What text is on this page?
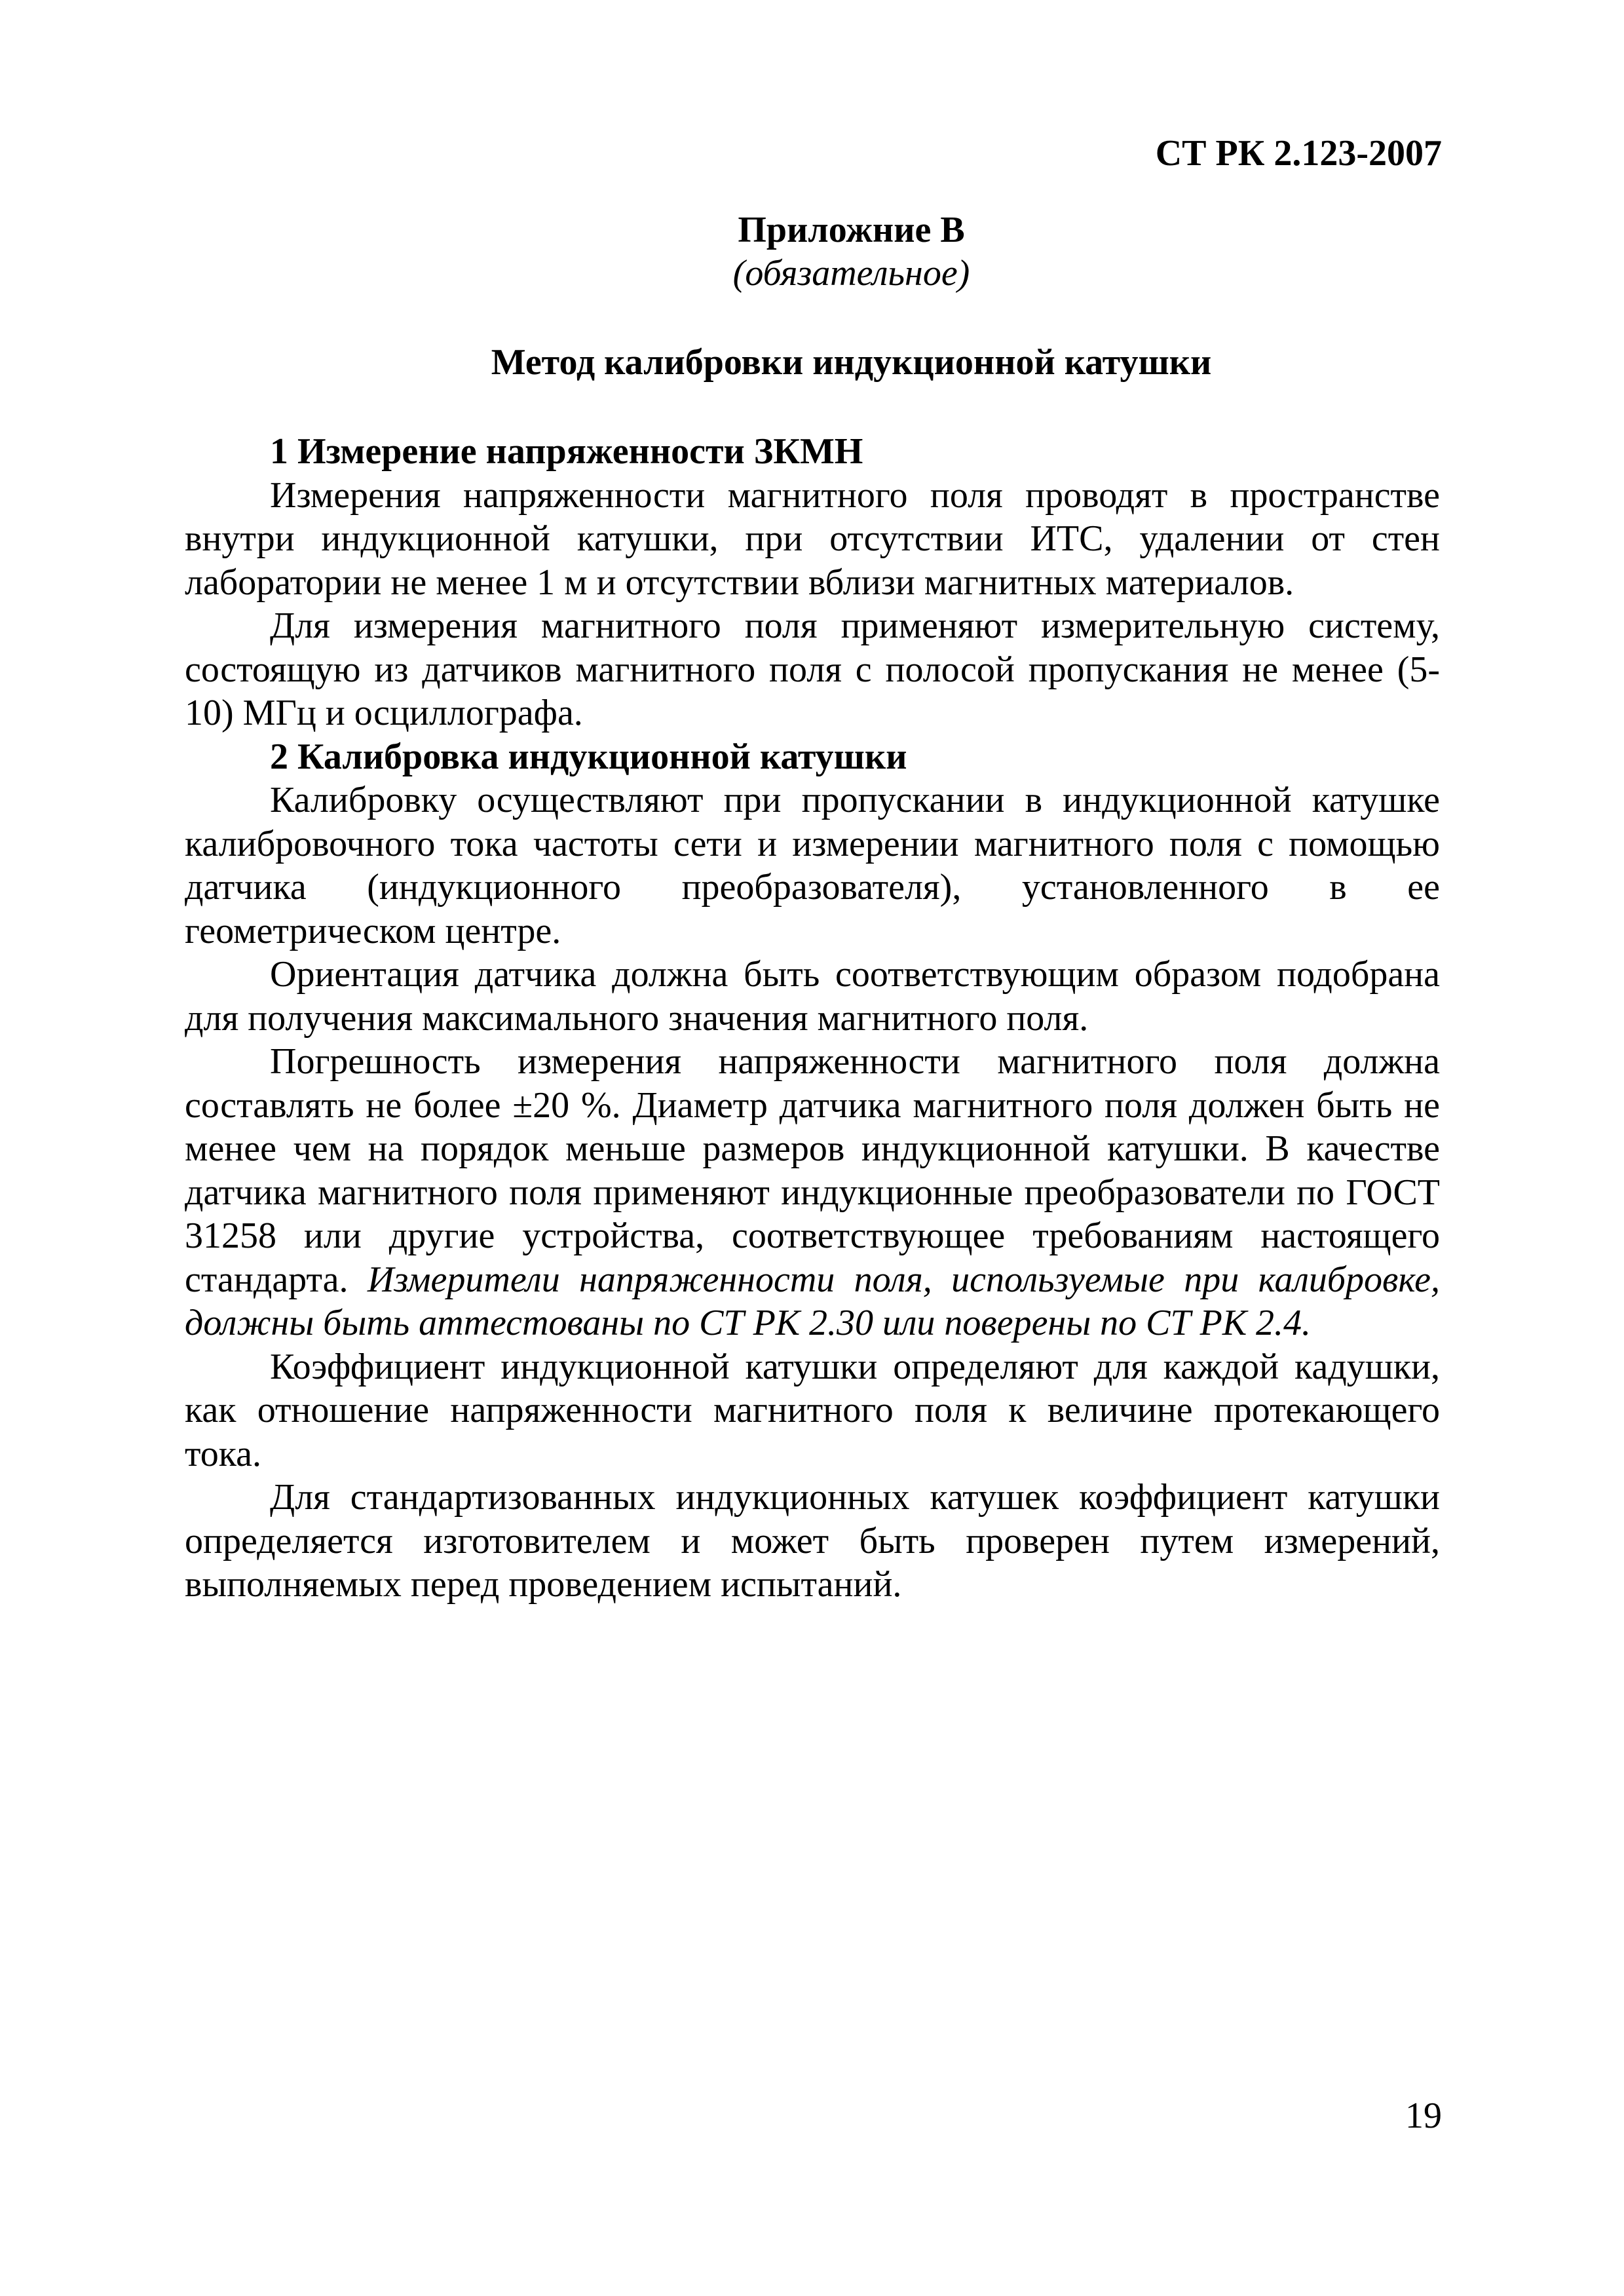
СТ РК 2.123-2007
Приложние В
(обязательное)
Метод калибровки индукционной катушки
1 Измерение напряженности ЗКМН

Измерения напряженности магнитного поля проводят в пространстве внутри индукционной катушки, при отсутствии ИТС, удалении от стен лаборатории не менее 1 м и отсутствии вблизи магнитных материалов.

Для измерения магнитного поля применяют измерительную систему, состоящую из датчиков магнитного поля с полосой пропускания не менее (5-10) МГц и осциллографа.

2 Калибровка индукционной катушки

Калибровку осуществляют при пропускании в индукционной катушке калибровочного тока частоты сети и измерении магнитного поля с помощью датчика (индукционного преобразователя), установленного в ее геометрическом центре.

Ориентация датчика должна быть соответствующим образом подобрана для получения максимального значения магнитного поля.

Погрешность измерения напряженности магнитного поля должна составлять не более ±20 %. Диаметр датчика магнитного поля должен быть не менее чем на порядок меньше размеров индукционной катушки. В качестве датчика магнитного поля применяют индукционные преобразователи по ГОСТ 31258 или другие устройства, соответствующее требованиям настоящего стандарта. Измерители напряженности поля, используемые при калибровке, должны быть аттестованы по СТ РК 2.30 или поверены по СТ РК 2.4.

Коэффициент индукционной катушки определяют для каждой кадушки, как отношение напряженности магнитного поля к величине протекающего тока.

Для стандартизованных индукционных катушек коэффициент катушки определяется изготовителем и может быть проверен путем измерений, выполняемых перед проведением испытаний.

19
